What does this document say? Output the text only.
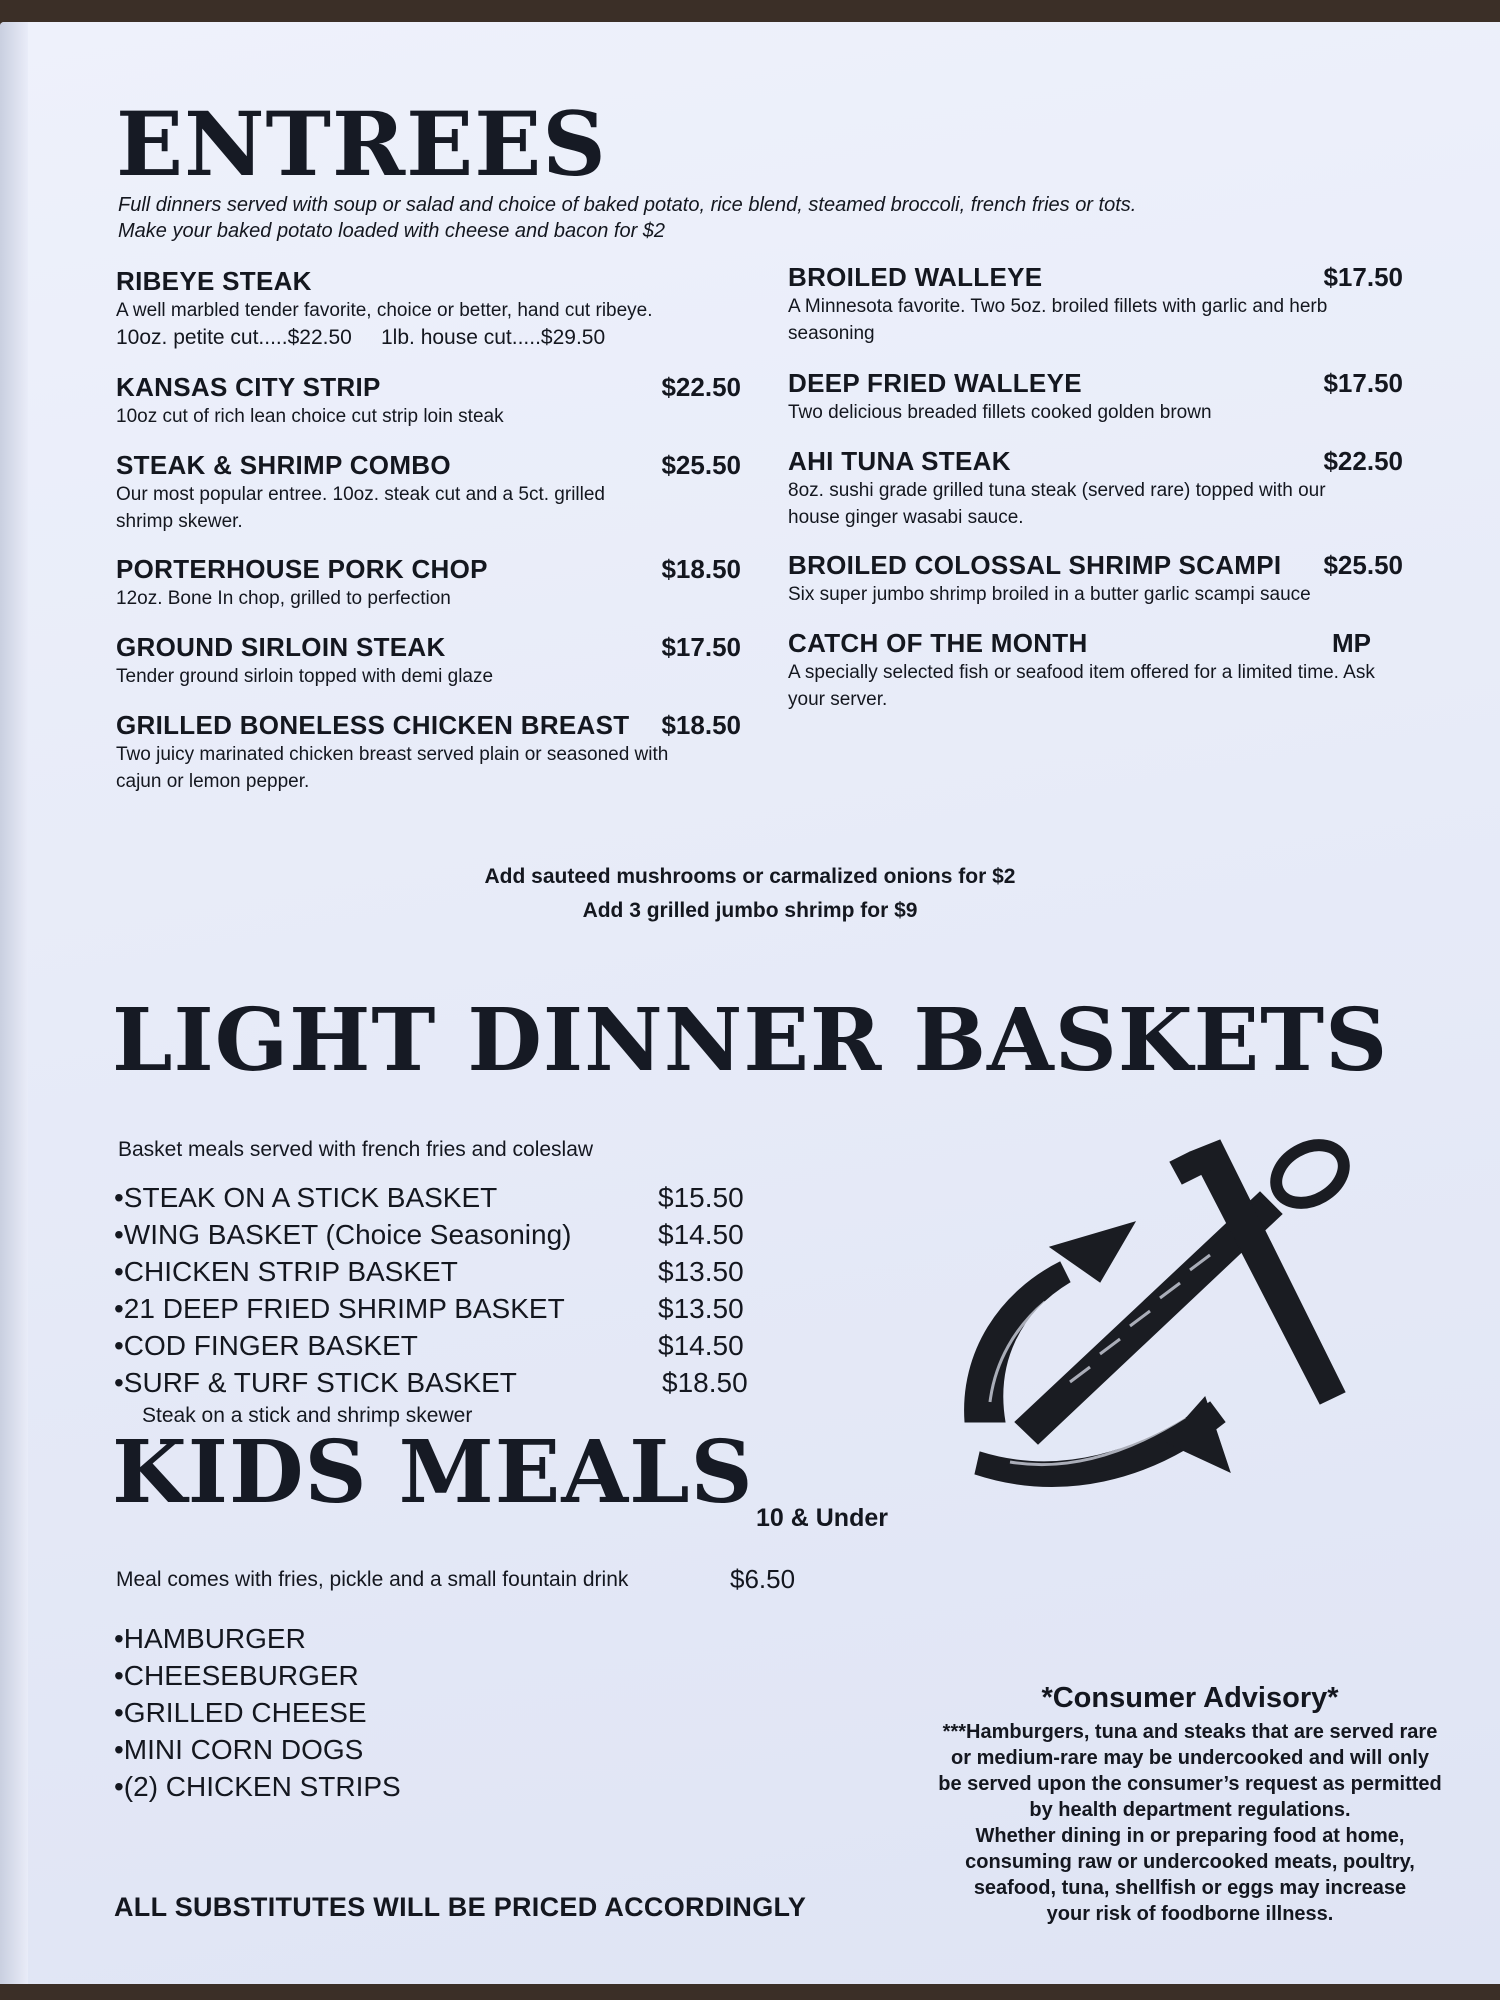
ENTREES
Full dinners served with soup or salad and choice of baked potato, rice blend, steamed broccoli, french fries or tots.
Make your baked potato loaded with cheese and bacon for $2
RIBEYE STEAK
A well marbled tender favorite, choice or better, hand cut ribeye.
10oz. petite cut.....$22.50     1lb. house cut.....$29.50
KANSAS CITY STRIP	$22.50
10oz cut of rich lean choice cut strip loin steak
STEAK & SHRIMP COMBO	$25.50
Our most popular entree. 10oz. steak cut and a 5ct. grilled shrimp skewer.
PORTERHOUSE PORK CHOP	$18.50
12oz. Bone In chop, grilled to perfection
GROUND SIRLOIN STEAK	$17.50
Tender ground sirloin topped with demi glaze
GRILLED BONELESS CHICKEN BREAST	$18.50
Two juicy marinated chicken breast served plain or seasoned with cajun or lemon pepper.
BROILED WALLEYE	$17.50
A Minnesota favorite. Two 5oz. broiled fillets with garlic and herb seasoning
DEEP FRIED WALLEYE	$17.50
Two delicious breaded fillets cooked golden brown
AHI TUNA STEAK	$22.50
8oz. sushi grade grilled tuna steak (served rare) topped with our house ginger wasabi sauce.
BROILED COLOSSAL SHRIMP SCAMPI	$25.50
Six super jumbo shrimp broiled in a butter garlic scampi sauce
CATCH OF THE MONTH	MP
A specially selected fish or seafood item offered for a limited time. Ask your server.
Add sauteed mushrooms or carmalized onions for $2
Add 3 grilled jumbo shrimp for $9
LIGHT DINNER BASKETS
Basket meals served with french fries and coleslaw
•STEAK ON A STICK BASKET	$15.50
•WING BASKET (Choice Seasoning)	$14.50
•CHICKEN STRIP BASKET	$13.50
•21 DEEP FRIED SHRIMP BASKET	$13.50
•COD FINGER BASKET	$14.50
•SURF & TURF STICK BASKET	$18.50
Steak on a stick and shrimp skewer
KIDS MEALS 10 & Under
Meal comes with fries, pickle and a small fountain drink	$6.50
•HAMBURGER
•CHEESEBURGER
•GRILLED CHEESE
•MINI CORN DOGS
•(2) CHICKEN STRIPS
ALL SUBSTITUTES WILL BE PRICED ACCORDINGLY
*Consumer Advisory*
***Hamburgers, tuna and steaks that are served rare
or medium-rare may be undercooked and will only
be served upon the consumer’s request as permitted
by health department regulations.
Whether dining in or preparing food at home,
consuming raw or undercooked meats, poultry,
seafood, tuna, shellfish or eggs may increase
your risk of foodborne illness.
